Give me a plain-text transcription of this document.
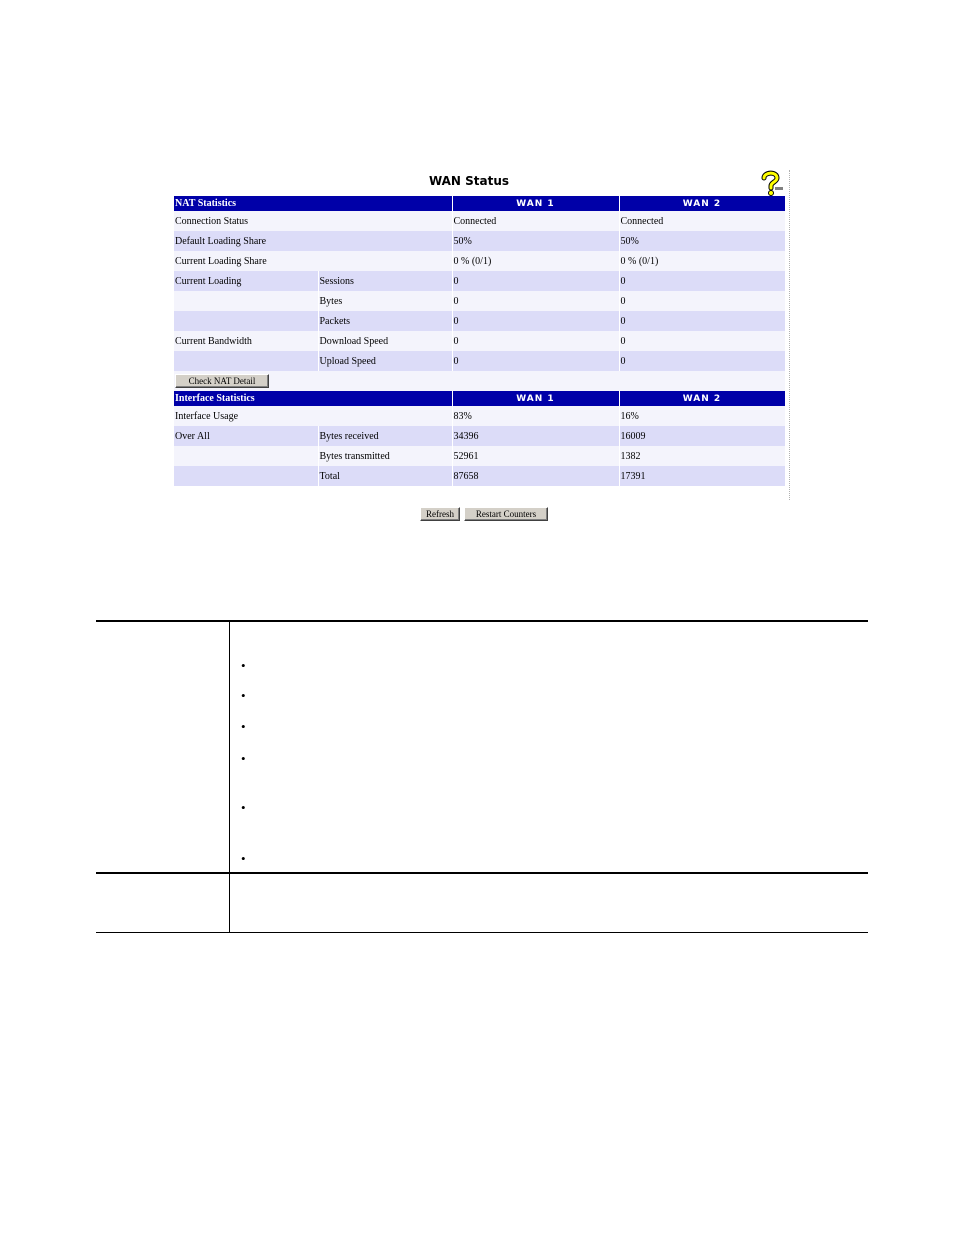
WAN Status
NAT Statistics		WAN 1	WAN 2
Connection Status		Connected	Connected
Default Loading Share		50%	50%
Current Loading Share		0 % (0/1)	0 % (0/1)
Current Loading	Sessions	0	0
	Bytes	0	0
	Packets	0	0
Current Bandwidth	Download Speed	0	0
	Upload Speed	0	0
Check NAT Detail			
Interface Statistics		WAN 1	WAN 2
Interface Usage		83%	16%
Over All	Bytes received	34396	16009
	Bytes transmitted	52961	1382
	Total	87658	17391
Refresh Restart Counters
•
•
•
•
•
•
